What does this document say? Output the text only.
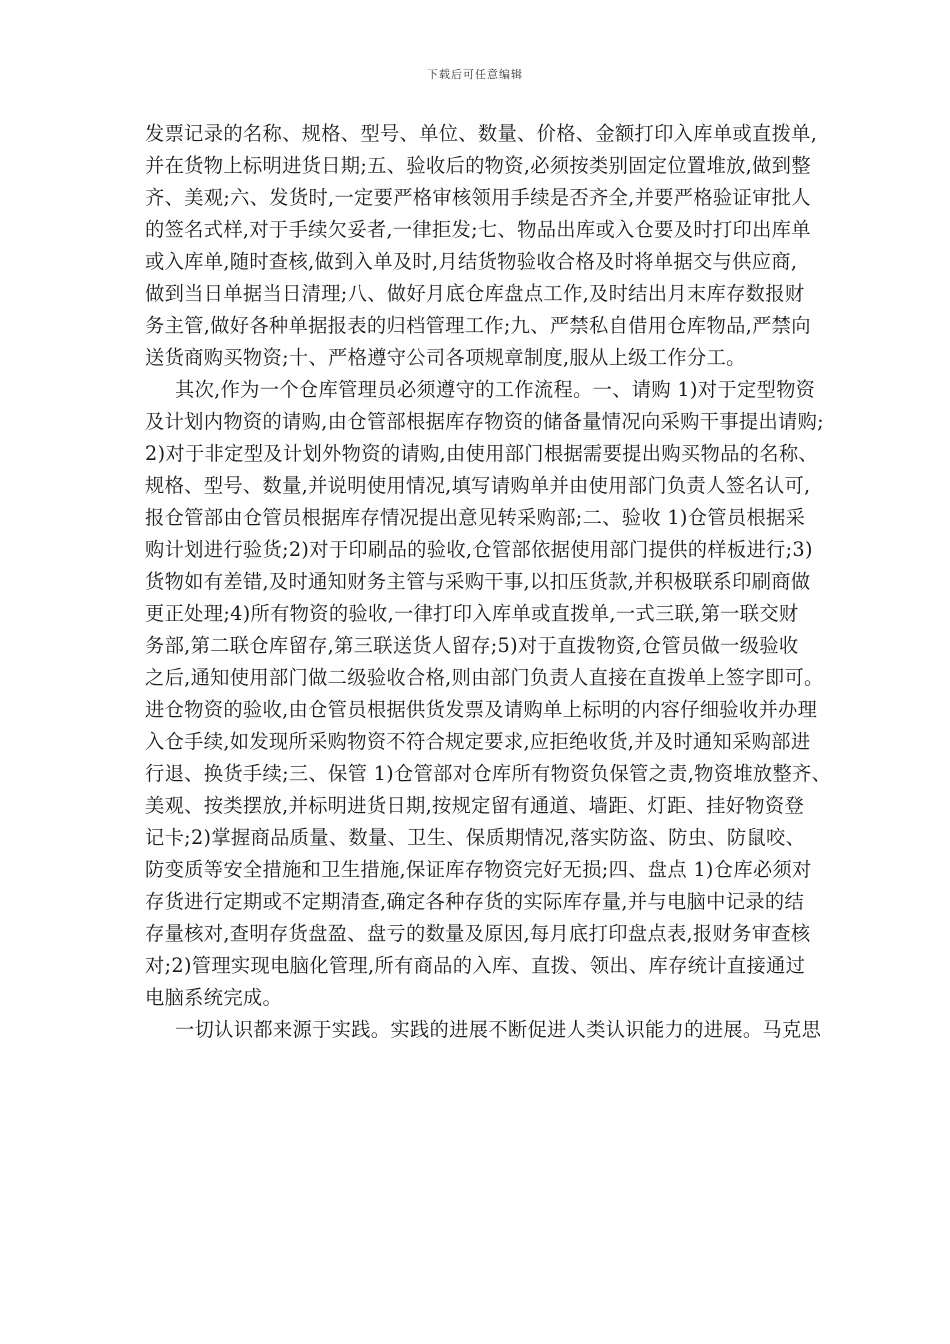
下载后可任意编辑
发票记录的名称、规格、型号、单位、数量、价格、金额打印入库单或直拨单,
并在货物上标明进货日期;五、验收后的物资,必须按类别固定位置堆放,做到整
齐、美观;六、发货时,一定要严格审核领用手续是否齐全,并要严格验证审批人
的签名式样,对于手续欠妥者,一律拒发;七、物品出库或入仓要及时打印出库单
或入库单,随时查核,做到入单及时,月结货物验收合格及时将单据交与供应商,
做到当日单据当日清理;八、做好月底仓库盘点工作,及时结出月末库存数报财
务主管,做好各种单据报表的归档管理工作;九、严禁私自借用仓库物品,严禁向
送货商购买物资;十、严格遵守公司各项规章制度,服从上级工作分工。
其次,作为一个仓库管理员必须遵守的工作流程。一、请购 1)对于定型物资
及计划内物资的请购,由仓管部根据库存物资的储备量情况向采购干事提出请购;
2)对于非定型及计划外物资的请购,由使用部门根据需要提出购买物品的名称、
规格、型号、数量,并说明使用情况,填写请购单并由使用部门负责人签名认可,
报仓管部由仓管员根据库存情况提出意见转采购部;二、验收 1)仓管员根据采
购计划进行验货;2)对于印刷品的验收,仓管部依据使用部门提供的样板进行;3)
货物如有差错,及时通知财务主管与采购干事,以扣压货款,并积极联系印刷商做
更正处理;4)所有物资的验收,一律打印入库单或直拨单,一式三联,第一联交财
务部,第二联仓库留存,第三联送货人留存;5)对于直拨物资,仓管员做一级验收
之后,通知使用部门做二级验收合格,则由部门负责人直接在直拨单上签字即可。
进仓物资的验收,由仓管员根据供货发票及请购单上标明的内容仔细验收并办理
入仓手续,如发现所采购物资不符合规定要求,应拒绝收货,并及时通知采购部进
行退、换货手续;三、保管 1)仓管部对仓库所有物资负保管之责,物资堆放整齐、
美观、按类摆放,并标明进货日期,按规定留有通道、墙距、灯距、挂好物资登
记卡;2)掌握商品质量、数量、卫生、保质期情况,落实防盗、防虫、防鼠咬、
防变质等安全措施和卫生措施,保证库存物资完好无损;四、盘点 1)仓库必须对
存货进行定期或不定期清查,确定各种存货的实际库存量,并与电脑中记录的结
存量核对,查明存货盘盈、盘亏的数量及原因,每月底打印盘点表,报财务审查核
对;2)管理实现电脑化管理,所有商品的入库、直拨、领出、库存统计直接通过
电脑系统完成。
一切认识都来源于实践。实践的进展不断促进人类认识能力的进展。马克思
